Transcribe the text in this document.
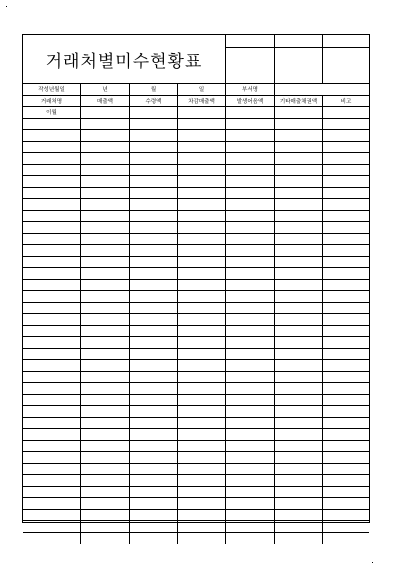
거래처별미수현황표
작성년월일	년	월	일	부서명
거래처명	매출액	수령액	차감매출액	발생어음액	기타매출채권액	비고
이월
